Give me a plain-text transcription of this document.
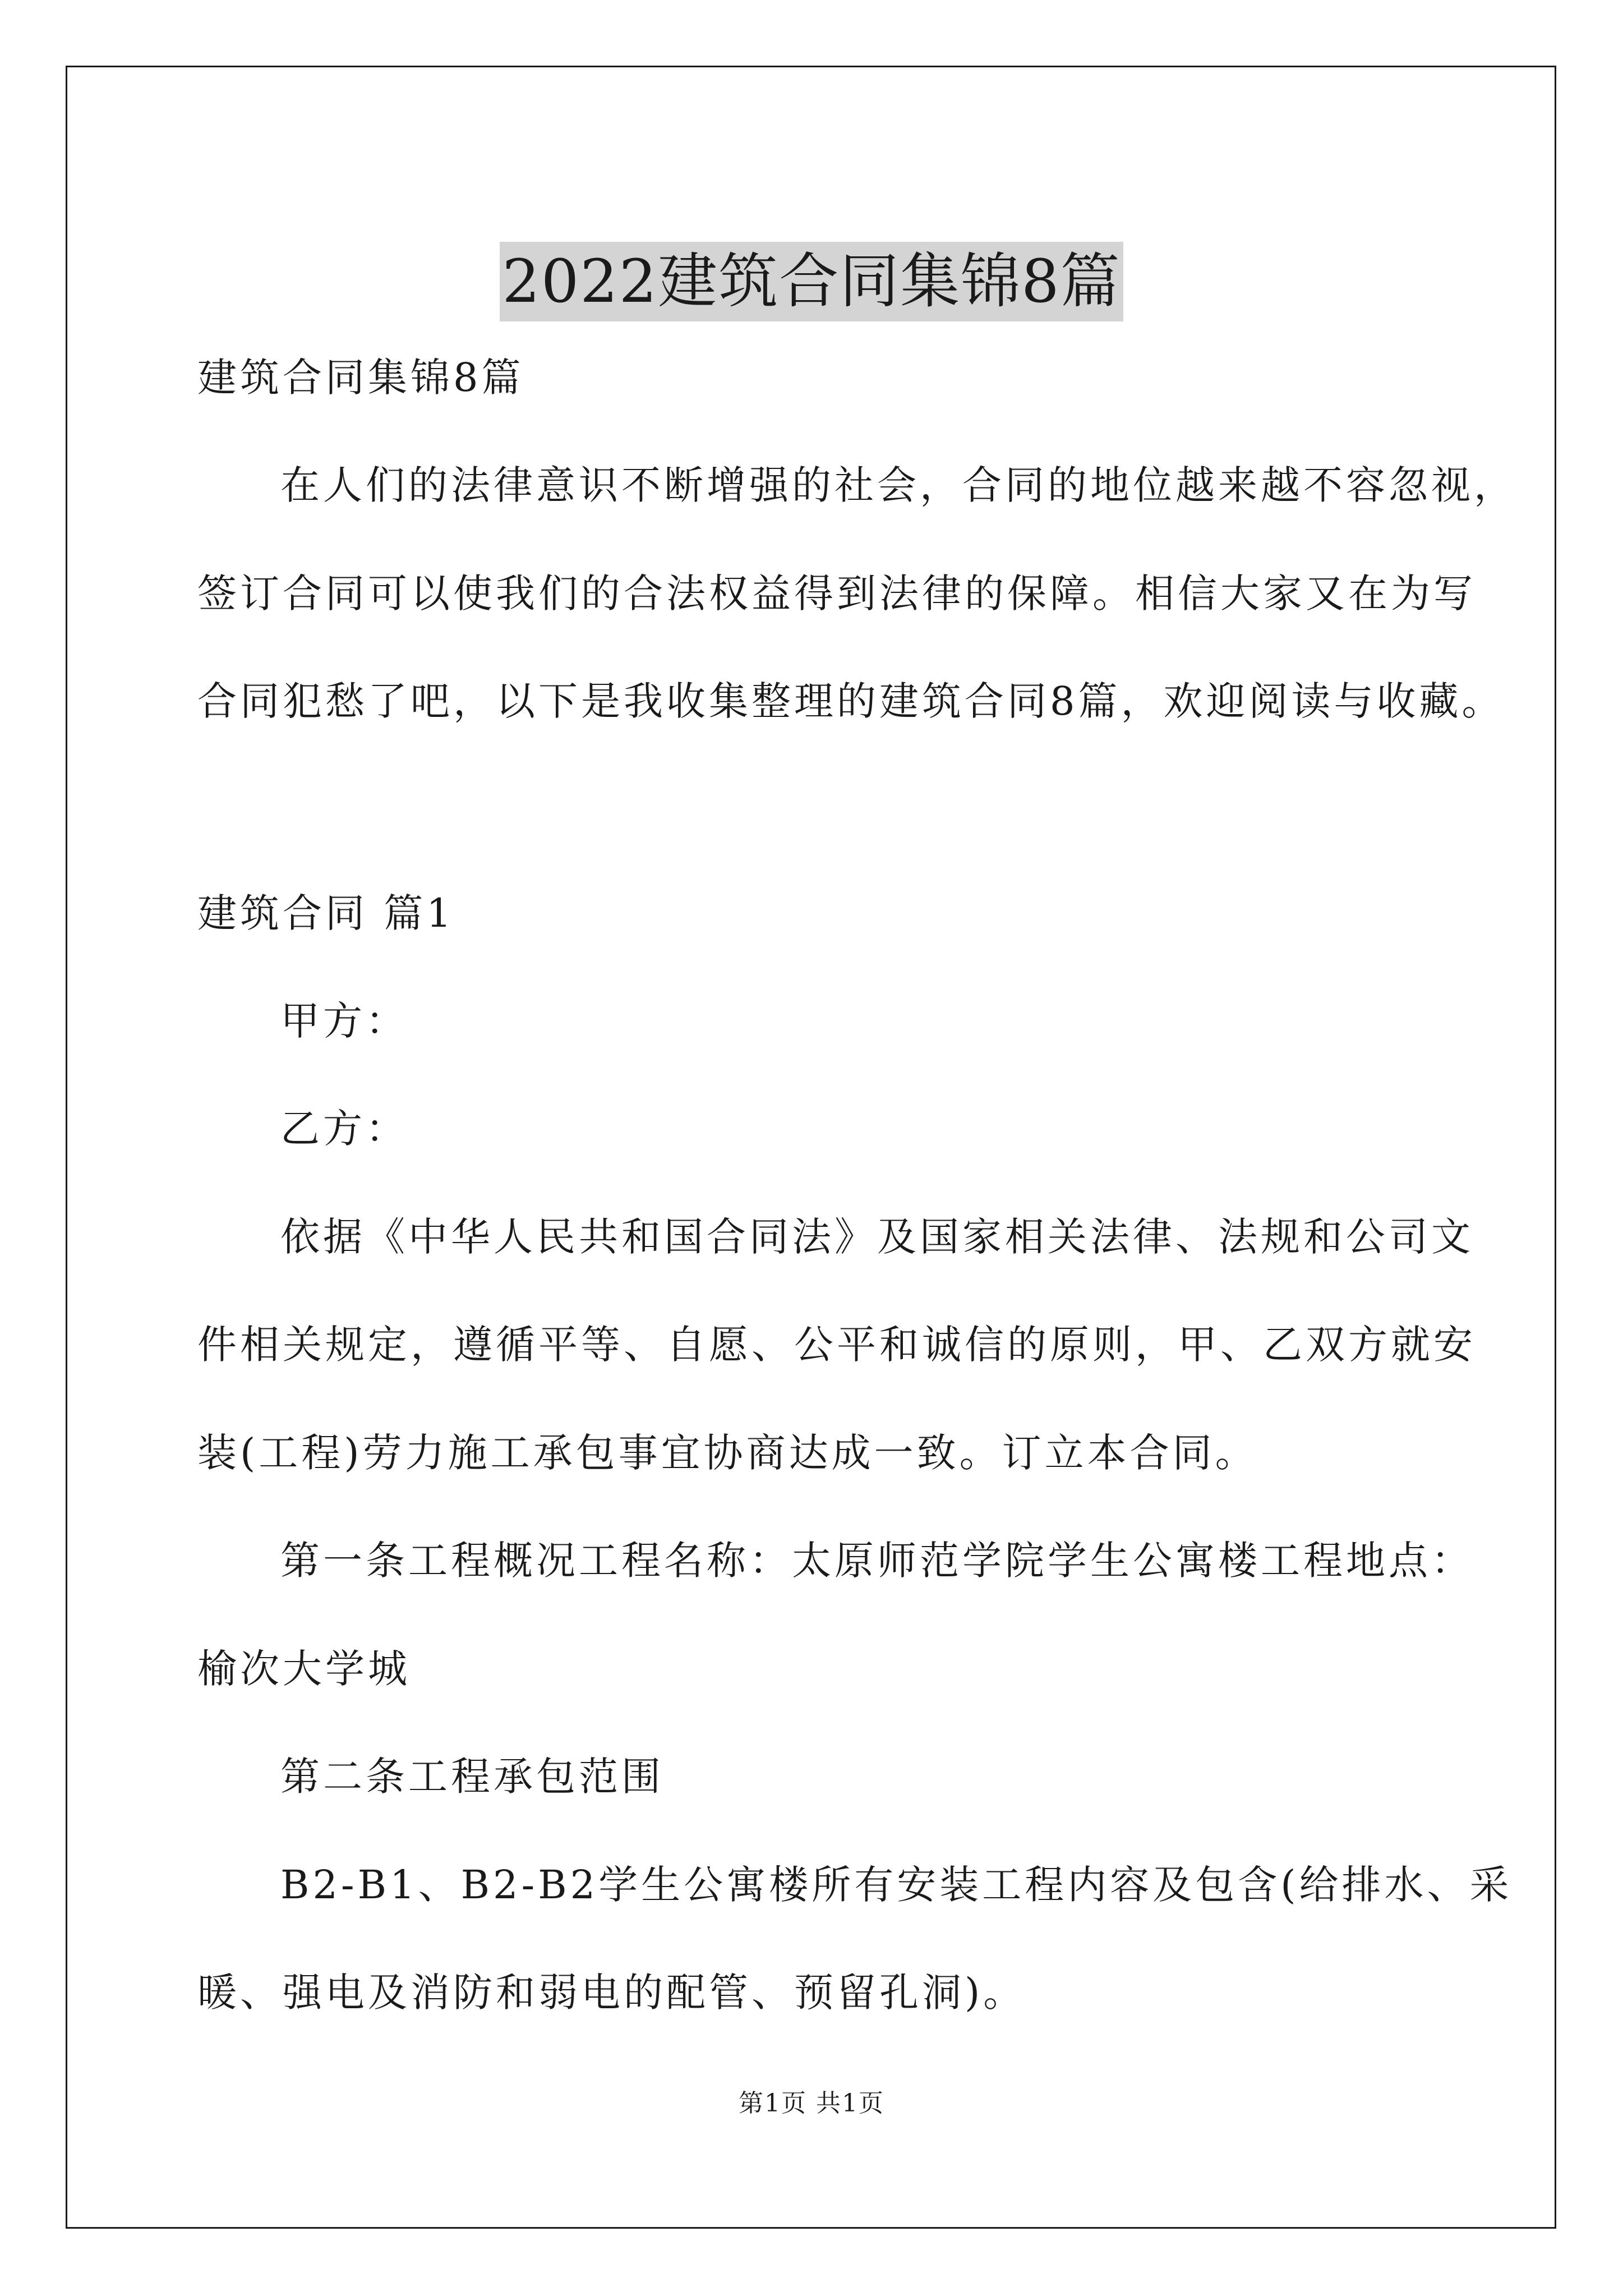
2022建筑合同集锦8篇
建筑合同集锦8篇
在人们的法律意识不断增强的社会，合同的地位越来越不容忽视，
签订合同可以使我们的合法权益得到法律的保障。相信大家又在为写
合同犯愁了吧，以下是我收集整理的建筑合同8篇，欢迎阅读与收藏。
建筑合同 篇1
甲方：
乙方：
依据《中华人民共和国合同法》及国家相关法律、法规和公司文
件相关规定，遵循平等、自愿、公平和诚信的原则，甲、乙双方就安
装(工程)劳力施工承包事宜协商达成一致。订立本合同。
第一条工程概况工程名称：太原师范学院学生公寓楼工程地点：
榆次大学城
第二条工程承包范围
B2-B1、B2-B2学生公寓楼所有安装工程内容及包含(给排水、采
暖、强电及消防和弱电的配管、预留孔洞)。
第1页 共1页
